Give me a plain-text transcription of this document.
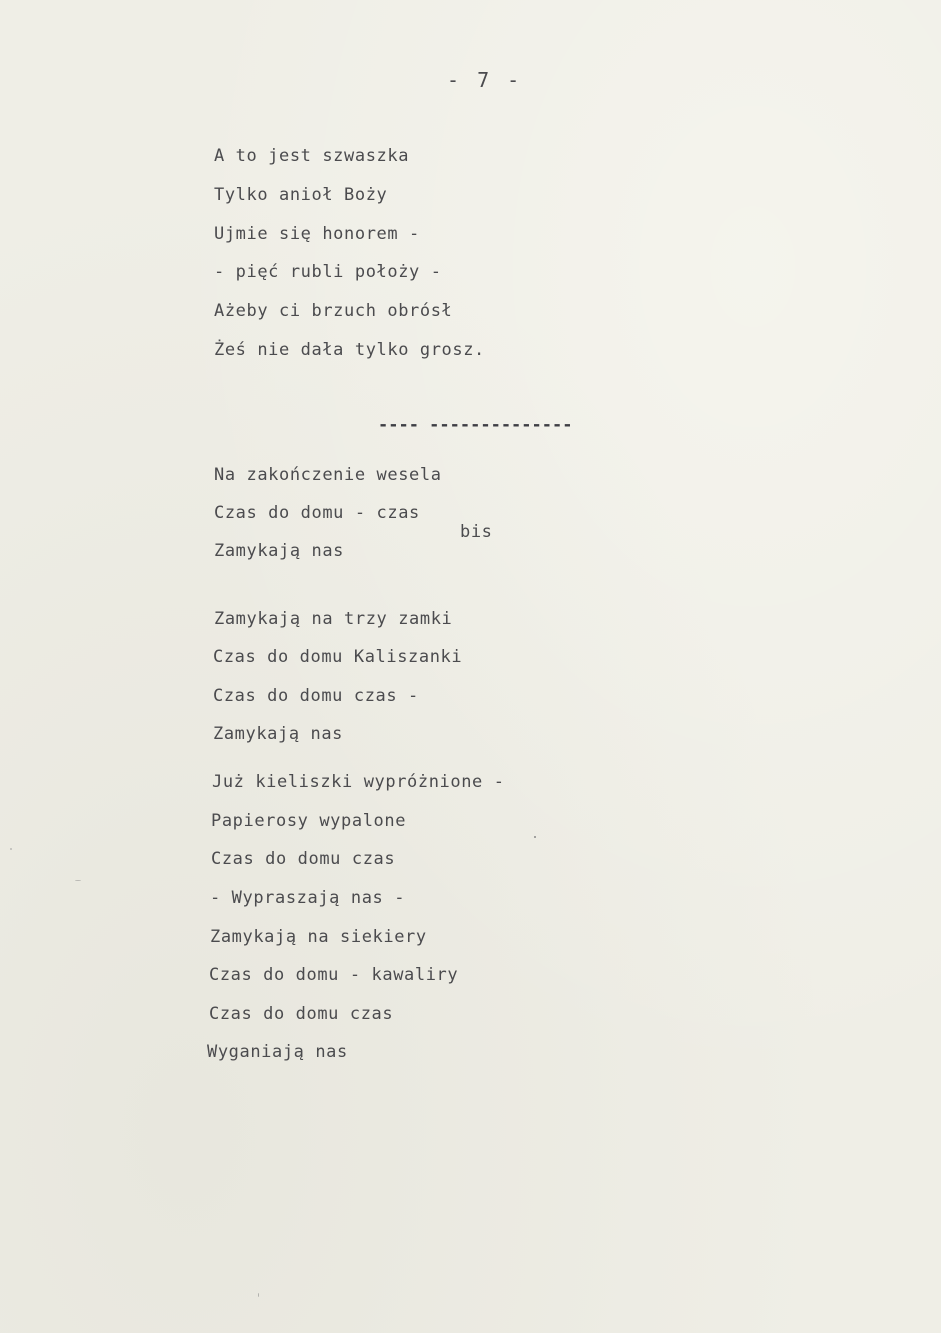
- 7 -
A to jest szwaszka
Tylko anioł Boży
Ujmie się honorem -
- pięć rubli położy -
Ażeby ci brzuch obrósł
Żeś nie dała tylko grosz.
---- --------------
Na zakończenie wesela
Czas do domu - czas
Zamykają nas
bis
Zamykają na trzy zamki
Czas do domu Kaliszanki
Czas do domu czas -
Zamykają nas
Już kieliszki wypróżnione -
Papierosy wypalone
Czas do domu czas
- Wypraszają nas -
Zamykają na siekiery
Czas do domu - kawaliry
Czas do domu czas
Wyganiają nas
